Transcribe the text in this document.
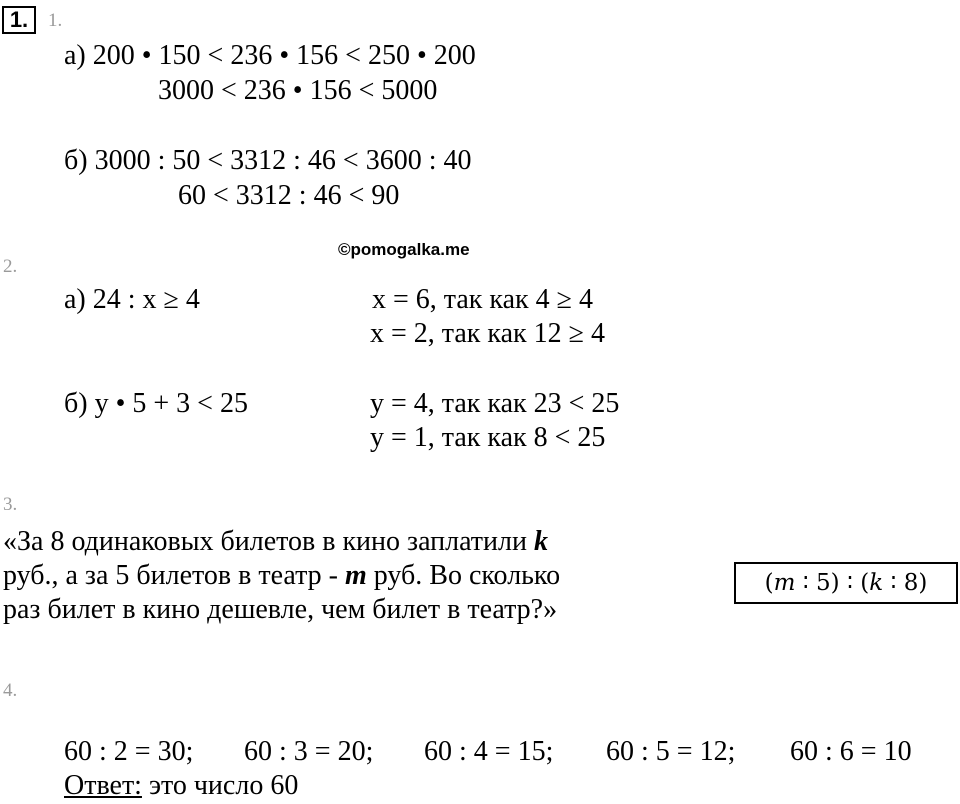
1.	1.
а) 200 • 150 < 236 • 156 < 250 • 200
3000 < 236 • 156 < 5000
б) 3000 : 50 < 3312 : 46 < 3600 : 40
60 < 3312 : 46 < 90
©pomogalka.me
2.
а) 24 : х ≥ 4	х = 6, так как 4 ≥ 4
х = 2, так как 12 ≥ 4
б) у • 5 + 3 < 25	у = 4, так как 23 < 25
у = 1, так как 8 < 25
3.
«За 8 одинаковых билетов в кино заплатили k
руб., а за 5 билетов в театр - m руб. Во сколько
раз билет в кино дешевле, чем билет в театр?»
(m ∶ 5) ∶ (k ∶ 8)
4.
60 : 2 = 30; 60 : 3 = 20; 60 : 4 = 15; 60 : 5 = 12; 60 : 6 = 10
Ответ: это число 60
